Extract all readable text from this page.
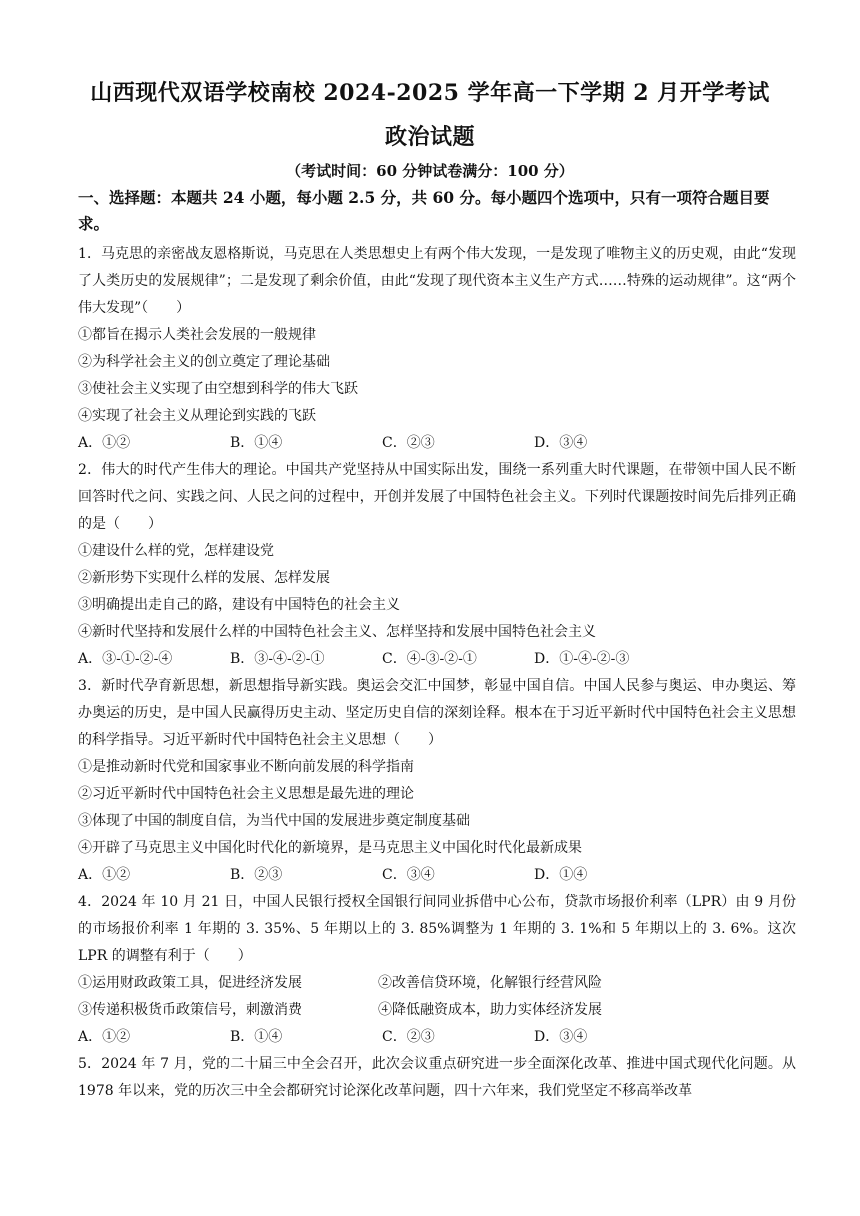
山西现代双语学校南校 2024-2025 学年高一下学期 2 月开学考试
政治试题
（考试时间：60 分钟试卷满分：100 分）
一、选择题：本题共 24 小题，每小题 2.5 分，共 60 分。每小题四个选项中，只有一项符合题目要求。
1．马克思的亲密战友恩格斯说，马克思在人类思想史上有两个伟大发现，一是发现了唯物主义的历史观，由此“发现了人类历史的发展规律”；二是发现了剩余价值，由此“发现了现代资本主义生产方式……特殊的运动规律”。这“两个伟大发现”（　　）
①都旨在揭示人类社会发展的一般规律
②为科学社会主义的创立奠定了理论基础
③使社会主义实现了由空想到科学的伟大飞跃
④实现了社会主义从理论到实践的飞跃
A．①②	B．①④	C．②③	D．③④
2．伟大的时代产生伟大的理论。中国共产党坚持从中国实际出发，围绕一系列重大时代课题，在带领中国人民不断回答时代之问、实践之问、人民之问的过程中，开创并发展了中国特色社会主义。下列时代课题按时间先后排列正确的是（　　）
①建设什么样的党，怎样建设党
②新形势下实现什么样的发展、怎样发展
③明确提出走自己的路，建设有中国特色的社会主义
④新时代坚持和发展什么样的中国特色社会主义、怎样坚持和发展中国特色社会主义
A．③-①-②-④	B．③-④-②-①	C．④-③-②-①	D．①-④-②-③
3．新时代孕育新思想，新思想指导新实践。奥运会交汇中国梦，彰显中国自信。中国人民参与奥运、申办奥运、筹办奥运的历史，是中国人民赢得历史主动、坚定历史自信的深刻诠释。根本在于习近平新时代中国特色社会主义思想的科学指导。习近平新时代中国特色社会主义思想（　　）
①是推动新时代党和国家事业不断向前发展的科学指南
②习近平新时代中国特色社会主义思想是最先进的理论
③体现了中国的制度自信，为当代中国的发展进步奠定制度基础
④开辟了马克思主义中国化时代化的新境界，是马克思主义中国化时代化最新成果
A．①②	B．②③	C．③④	D．①④
4．2024 年 10 月 21 日，中国人民银行授权全国银行间同业拆借中心公布，贷款市场报价利率（LPR）由 9 月份的市场报价利率 1 年期的 3. 35%、5 年期以上的 3. 85%调整为 1 年期的 3. 1%和 5 年期以上的 3. 6%。这次 LPR 的调整有利于（　　）
①运用财政政策工具，促进经济发展	②改善信贷环境，化解银行经营风险
③传递积极货币政策信号，刺激消费	④降低融资成本，助力实体经济发展
A．①②	B．①④	C．②③	D．③④
5．2024 年 7 月，党的二十届三中全会召开，此次会议重点研究进一步全面深化改革、推进中国式现代化问题。从 1978 年以来，党的历次三中全会都研究讨论深化改革问题，四十六年来，我们党坚定不移高举改革
